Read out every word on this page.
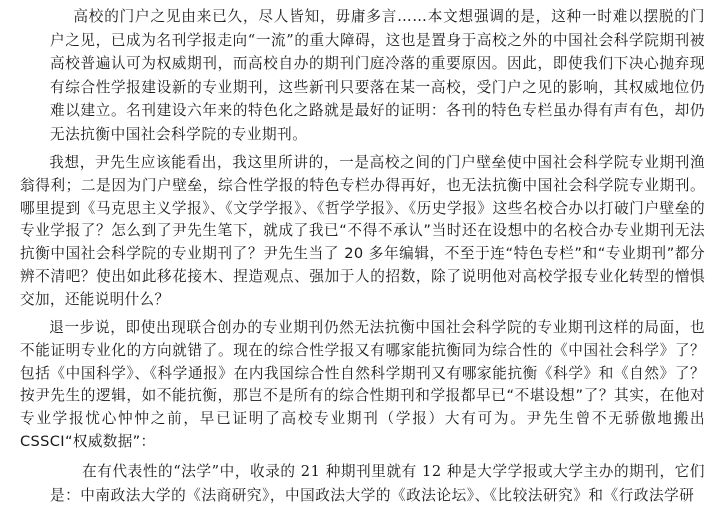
高校的门户之见由来已久，尽人皆知，毋庸多言……本文想强调的是，这种一时难以摆脱的门户之见，已成为名刊学报走向“一流”的重大障碍，这也是置身于高校之外的中国社会科学院期刊被高校普遍认可为权威期刊，而高校自办的期刊门庭冷落的重要原因。因此，即使我们下决心抛弃现有综合性学报建设新的专业期刊，这些新刊只要落在某一高校，受门户之见的影响，其权威地位仍难以建立。名刊建设六年来的特色化之路就是最好的证明：各刊的特色专栏虽办得有声有色，却仍无法抗衡中国社会科学院的专业期刊。

我想，尹先生应该能看出，我这里所讲的，一是高校之间的门户壁垒使中国社会科学院专业期刊渔翁得利；二是因为门户壁垒，综合性学报的特色专栏办得再好，也无法抗衡中国社会科学院专业期刊。哪里提到《马克思主义学报》、《文学学报》、《哲学学报》、《历史学报》这些名校合办以打破门户壁垒的专业学报了？怎么到了尹先生笔下，就成了我已“不得不承认”当时还在设想中的名校合办专业期刊无法抗衡中国社会科学院的专业期刊了？尹先生当了 20 多年编辑，不至于连“特色专栏”和“专业期刊”都分辨不清吧？使出如此移花接木、捏造观点、强加于人的招数，除了说明他对高校学报专业化转型的憎惧交加，还能说明什么？

退一步说，即使出现联合创办的专业期刊仍然无法抗衡中国社会科学院的专业期刊这样的局面，也不能证明专业化的方向就错了。现在的综合性学报又有哪家能抗衡同为综合性的《中国社会科学》了？包括《中国科学》、《科学通报》在内我国综合性自然科学期刊又有哪家能抗衡《科学》和《自然》了？按尹先生的逻辑，如不能抗衡，那岂不是所有的综合性期刊和学报都早已“不堪设想”了？其实，在他对专业学报忧心忡忡之前，早已证明了高校专业期刊（学报）大有可为。尹先生曾不无骄傲地搬出 CSSCI“权威数据”：

在有代表性的“法学”中，收录的 21 种期刊里就有 12 种是大学学报或大学主办的期刊，它们是：中南政法大学的《法商研究》，中国政法大学的《政法论坛》、《比较法研究》和《行政法学研
